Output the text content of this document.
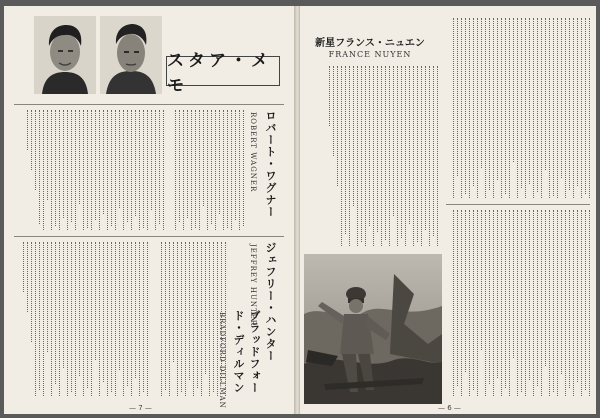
スタア・メモ
ロバート・ワグナー
ROBERT WAGNER
ジェフリー・ハンター
JEFFREY HUNTER
ブラッドフォード・ディルマン
BRADFORD DILLMAN
— 7 —
新星フランス・ニュエン
FRANCE NUYEN
— 6 —
